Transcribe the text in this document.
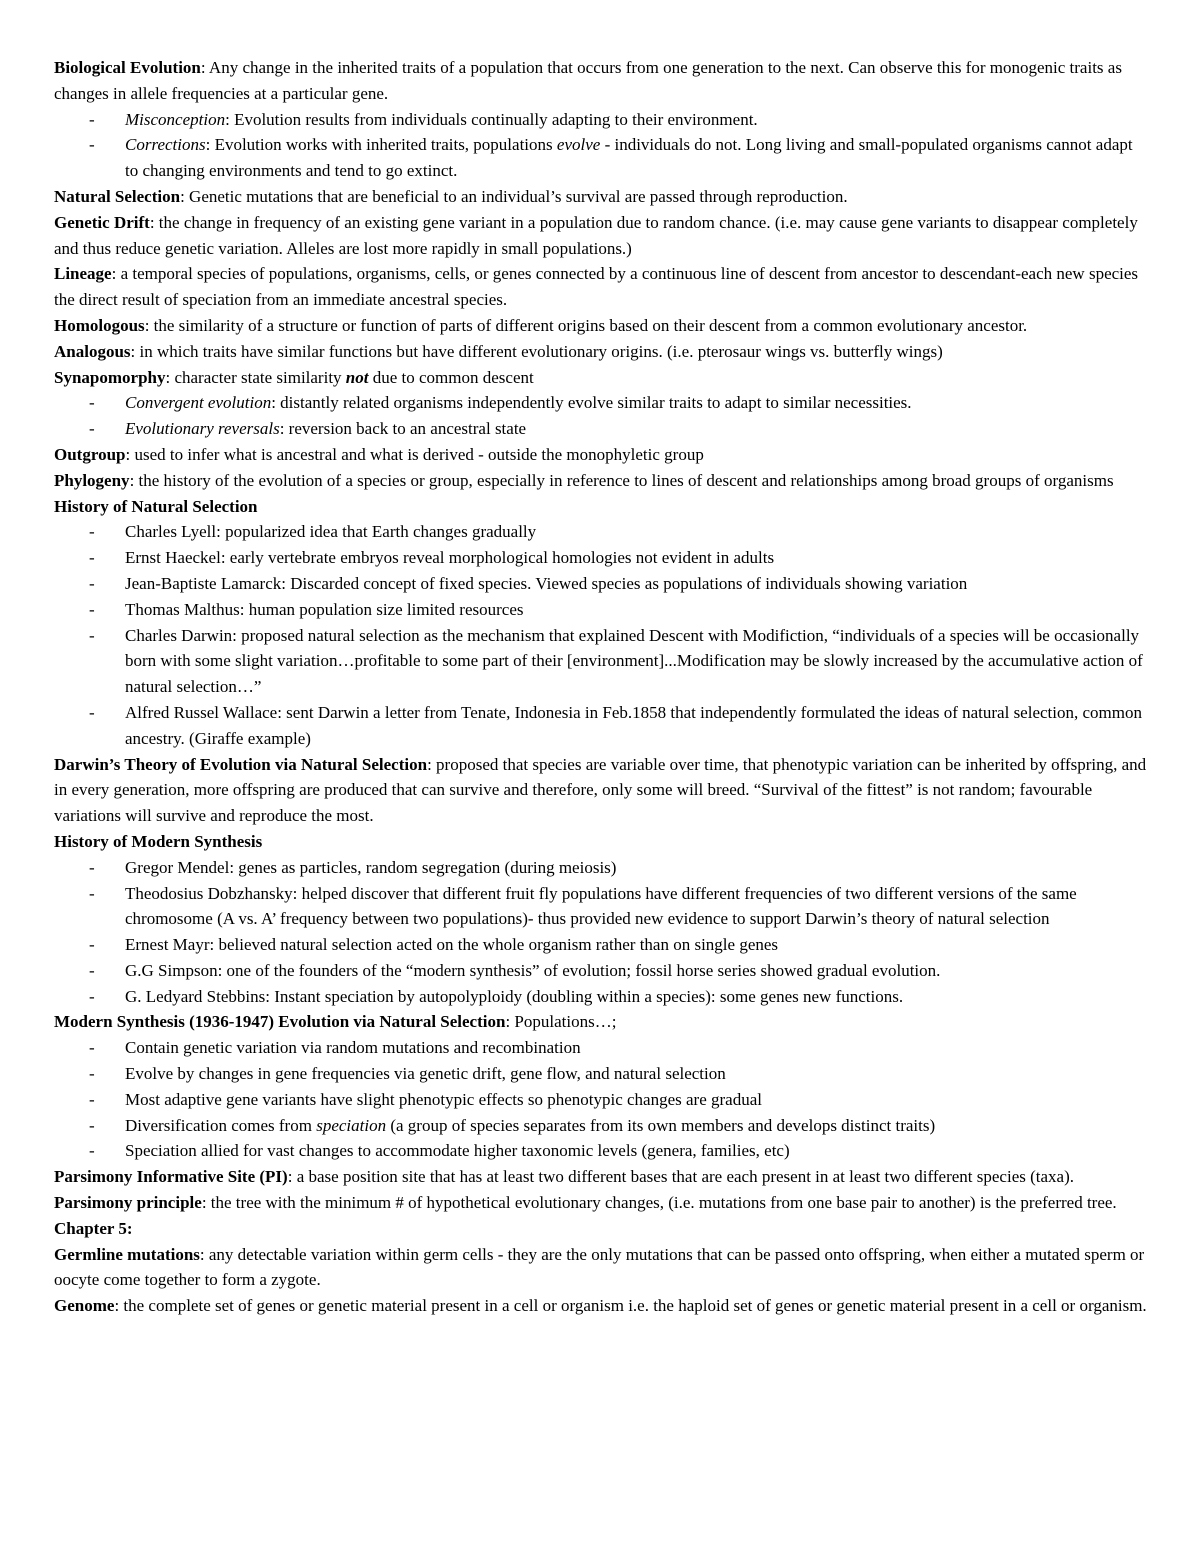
Biological Evolution: Any change in the inherited traits of a population that occurs from one generation to the next. Can observe this for monogenic traits as changes in allele frequencies at a particular gene.

- Misconception: Evolution results from individuals continually adapting to their environment.
- Corrections: Evolution works with inherited traits, populations evolve - individuals do not. Long living and small-populated organisms cannot adapt to changing environments and tend to go extinct.

Natural Selection: Genetic mutations that are beneficial to an individual’s survival are passed through reproduction.

Genetic Drift: the change in frequency of an existing gene variant in a population due to random chance. (i.e. may cause gene variants to disappear completely and thus reduce genetic variation. Alleles are lost more rapidly in small populations.)

Lineage: a temporal species of populations, organisms, cells, or genes connected by a continuous line of descent from ancestor to descendant-each new species the direct result of speciation from an immediate ancestral species.

Homologous: the similarity of a structure or function of parts of different origins based on their descent from a common evolutionary ancestor.

Analogous: in which traits have similar functions but have different evolutionary origins. (i.e. pterosaur wings vs. butterfly wings)

Synapomorphy: character state similarity not due to common descent

- Convergent evolution: distantly related organisms independently evolve similar traits to adapt to similar necessities.
- Evolutionary reversals: reversion back to an ancestral state

Outgroup: used to infer what is ancestral and what is derived - outside the monophyletic group

Phylogeny: the history of the evolution of a species or group, especially in reference to lines of descent and relationships among broad groups of organisms

History of Natural Selection

- Charles Lyell: popularized idea that Earth changes gradually
- Ernst Haeckel: early vertebrate embryos reveal morphological homologies not evident in adults
- Jean-Baptiste Lamarck: Discarded concept of fixed species. Viewed species as populations of individuals showing variation
- Thomas Malthus: human population size limited resources
- Charles Darwin: proposed natural selection as the mechanism that explained Descent with Modifiction, “individuals of a species will be occasionally born with some slight variation…profitable to some part of their [environment]...Modification may be slowly increased by the accumulative action of natural selection…”
- Alfred Russel Wallace: sent Darwin a letter from Tenate, Indonesia in Feb.1858 that independently formulated the ideas of natural selection, common ancestry. (Giraffe example)

Darwin’s Theory of Evolution via Natural Selection: proposed that species are variable over time, that phenotypic variation can be inherited by offspring, and in every generation, more offspring are produced that can survive and therefore, only some will breed. “Survival of the fittest” is not random; favourable variations will survive and reproduce the most.

History of Modern Synthesis

- Gregor Mendel: genes as particles, random segregation (during meiosis)
- Theodosius Dobzhansky: helped discover that different fruit fly populations have different frequencies of two different versions of the same chromosome (A vs. A’ frequency between two populations)- thus provided new evidence to support Darwin’s theory of natural selection
- Ernest Mayr: believed natural selection acted on the whole organism rather than on single genes
- G.G Simpson: one of the founders of the “modern synthesis” of evolution; fossil horse series showed gradual evolution.
- G. Ledyard Stebbins: Instant speciation by autopolyploidy (doubling within a species): some genes new functions.

Modern Synthesis (1936-1947) Evolution via Natural Selection: Populations…;

- Contain genetic variation via random mutations and recombination
- Evolve by changes in gene frequencies via genetic drift, gene flow, and natural selection
- Most adaptive gene variants have slight phenotypic effects so phenotypic changes are gradual
- Diversification comes from speciation (a group of species separates from its own members and develops distinct traits)
- Speciation allied for vast changes to accommodate higher taxonomic levels (genera, families, etc)

Parsimony Informative Site (PI): a base position site that has at least two different bases that are each present in at least two different species (taxa).

Parsimony principle: the tree with the minimum # of hypothetical evolutionary changes, (i.e. mutations from one base pair to another) is the preferred tree.

Chapter 5:

Germline mutations: any detectable variation within germ cells - they are the only mutations that can be passed onto offspring, when either a mutated sperm or oocyte come together to form a zygote.

Genome: the complete set of genes or genetic material present in a cell or organism i.e. the haploid set of genes or genetic material present in a cell or organism.
